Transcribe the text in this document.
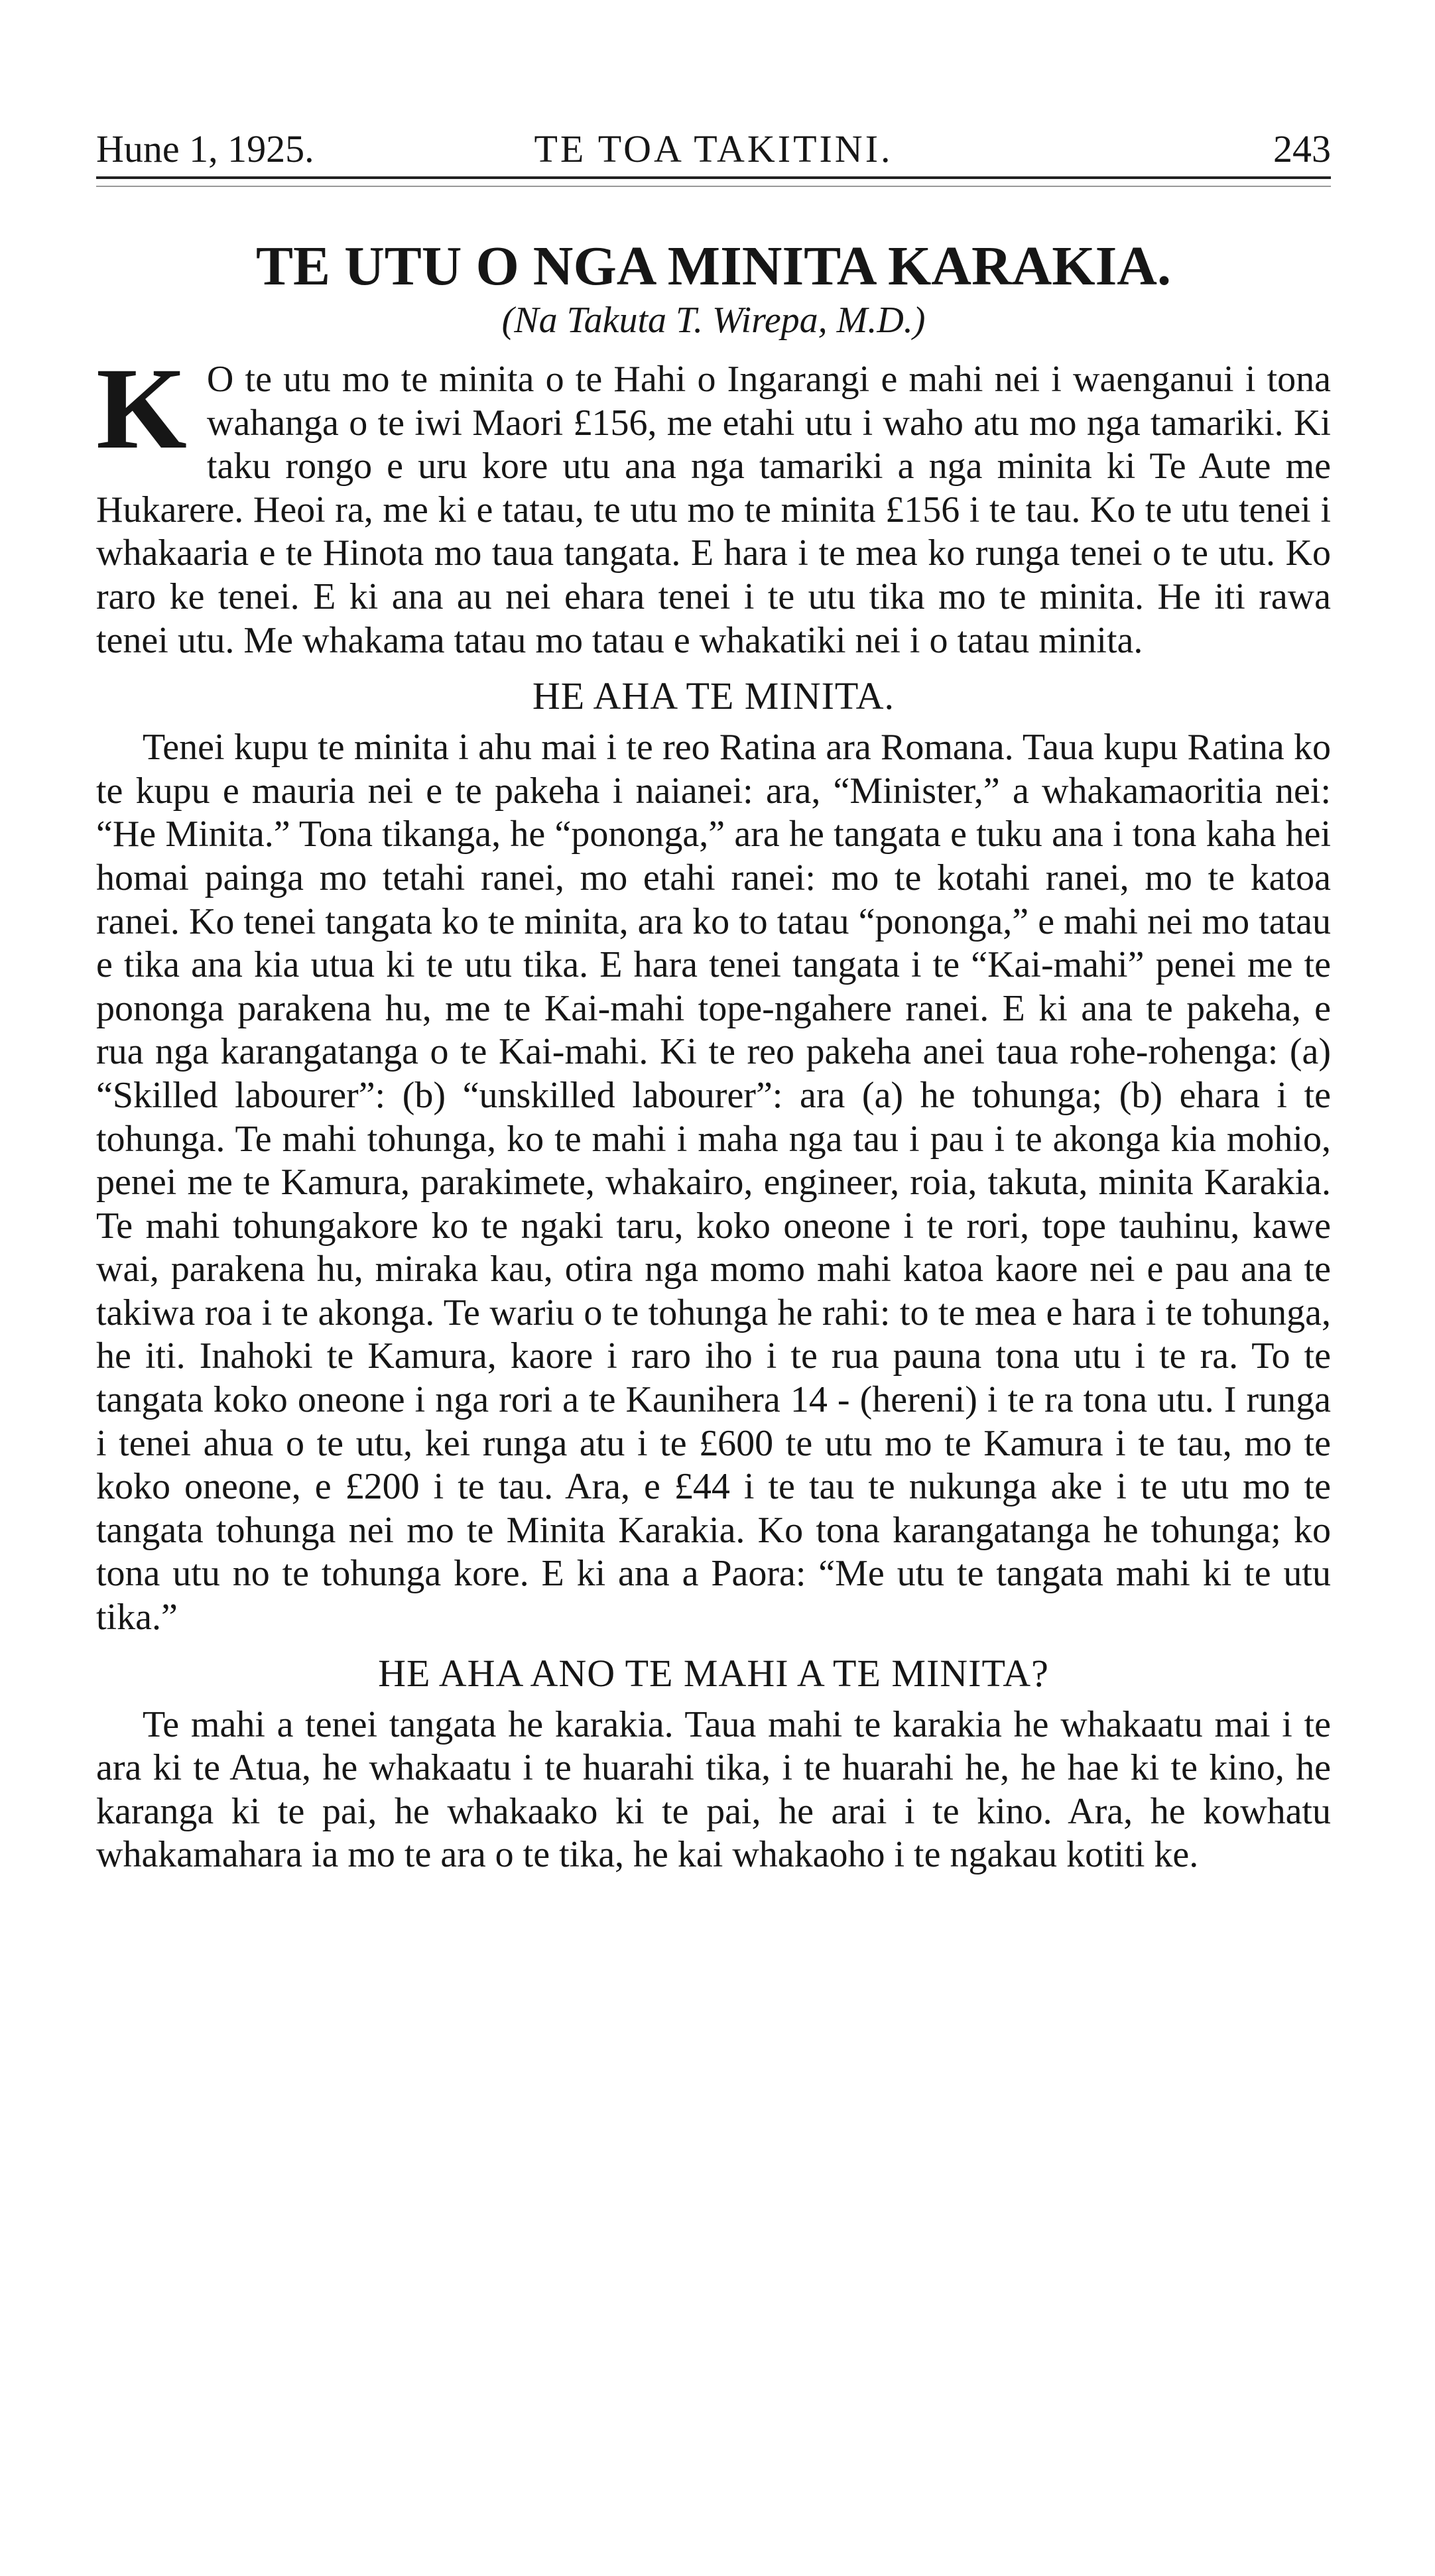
Hune 1, 1925.	TE TOA TAKITINI.	243
TE UTU O NGA MINITA KARAKIA.
(Na Takuta T. Wirepa, M.D.)

K O te utu mo te minita o te Hahi o Ingarangi e mahi nei i waenganui i tona wahanga o te iwi Maori £156, me etahi utu i waho atu mo nga tamariki. Ki taku rongo e uru kore utu ana nga tamariki a nga minita ki Te Aute me Hukarere. Heoi ra, me ki e tatau, te utu mo te minita £156 i te tau. Ko te utu tenei i whakaaria e te Hinota mo taua tangata. E hara i te mea ko runga tenei o te utu. Ko raro ke tenei. E ki ana au nei ehara tenei i te utu tika mo te minita. He iti rawa tenei utu. Me whakama tatau mo tatau e whakatiki nei i o tatau minita.

HE AHA TE MINITA.

Tenei kupu te minita i ahu mai i te reo Ratina ara Romana. Taua kupu Ratina ko te kupu e mauria nei e te pakeha i naianei: ara, “Minister,” a whakamaoritia nei: “He Minita.” Tona tikanga, he “pononga,” ara he tangata e tuku ana i tona kaha hei homai painga mo tetahi ranei, mo etahi ranei: mo te kotahi ranei, mo te katoa ranei. Ko tenei tangata ko te minita, ara ko to tatau “pononga,” e mahi nei mo tatau e tika ana kia utua ki te utu tika. E hara tenei tangata i te “Kai-mahi” penei me te pononga parakena hu, me te Kai-mahi tope-ngahere ranei. E ki ana te pakeha, e rua nga karangatanga o te Kai-mahi. Ki te reo pakeha anei taua rohe-rohenga: (a) “Skilled labourer”: (b) “unskilled labourer”: ara (a) he tohunga; (b) ehara i te tohunga. Te mahi tohunga, ko te mahi i maha nga tau i pau i te akonga kia mohio, penei me te Kamura, parakimete, whakairo, engineer, roia, takuta, minita Karakia. Te mahi tohungakore ko te ngaki taru, koko oneone i te rori, tope tauhinu, kawe wai, parakena hu, miraka kau, otira nga momo mahi katoa kaore nei e pau ana te takiwa roa i te akonga. Te wariu o te tohunga he rahi: to te mea e hara i te tohunga, he iti. Inahoki te Kamura, kaore i raro iho i te rua pauna tona utu i te ra. To te tangata koko oneone i nga rori a te Kaunihera 14 - (hereni) i te ra tona utu. I runga i tenei ahua o te utu, kei runga atu i te £600 te utu mo te Kamura i te tau, mo te koko oneone, e £200 i te tau. Ara, e £44 i te tau te nukunga ake i te utu mo te tangata tohunga nei mo te Minita Karakia. Ko tona karangatanga he tohunga; ko tona utu no te tohunga kore. E ki ana a Paora: “Me utu te tangata mahi ki te utu tika.”

HE AHA ANO TE MAHI A TE MINITA?

Te mahi a tenei tangata he karakia. Taua mahi te karakia he whakaatu mai i te ara ki te Atua, he whakaatu i te huarahi tika, i te huarahi he, he hae ki te kino, he karanga ki te pai, he whakaako ki te pai, he arai i te kino. Ara, he kowhatu whakamahara ia mo te ara o te tika, he kai whakaoho i te ngakau kotiti ke.
